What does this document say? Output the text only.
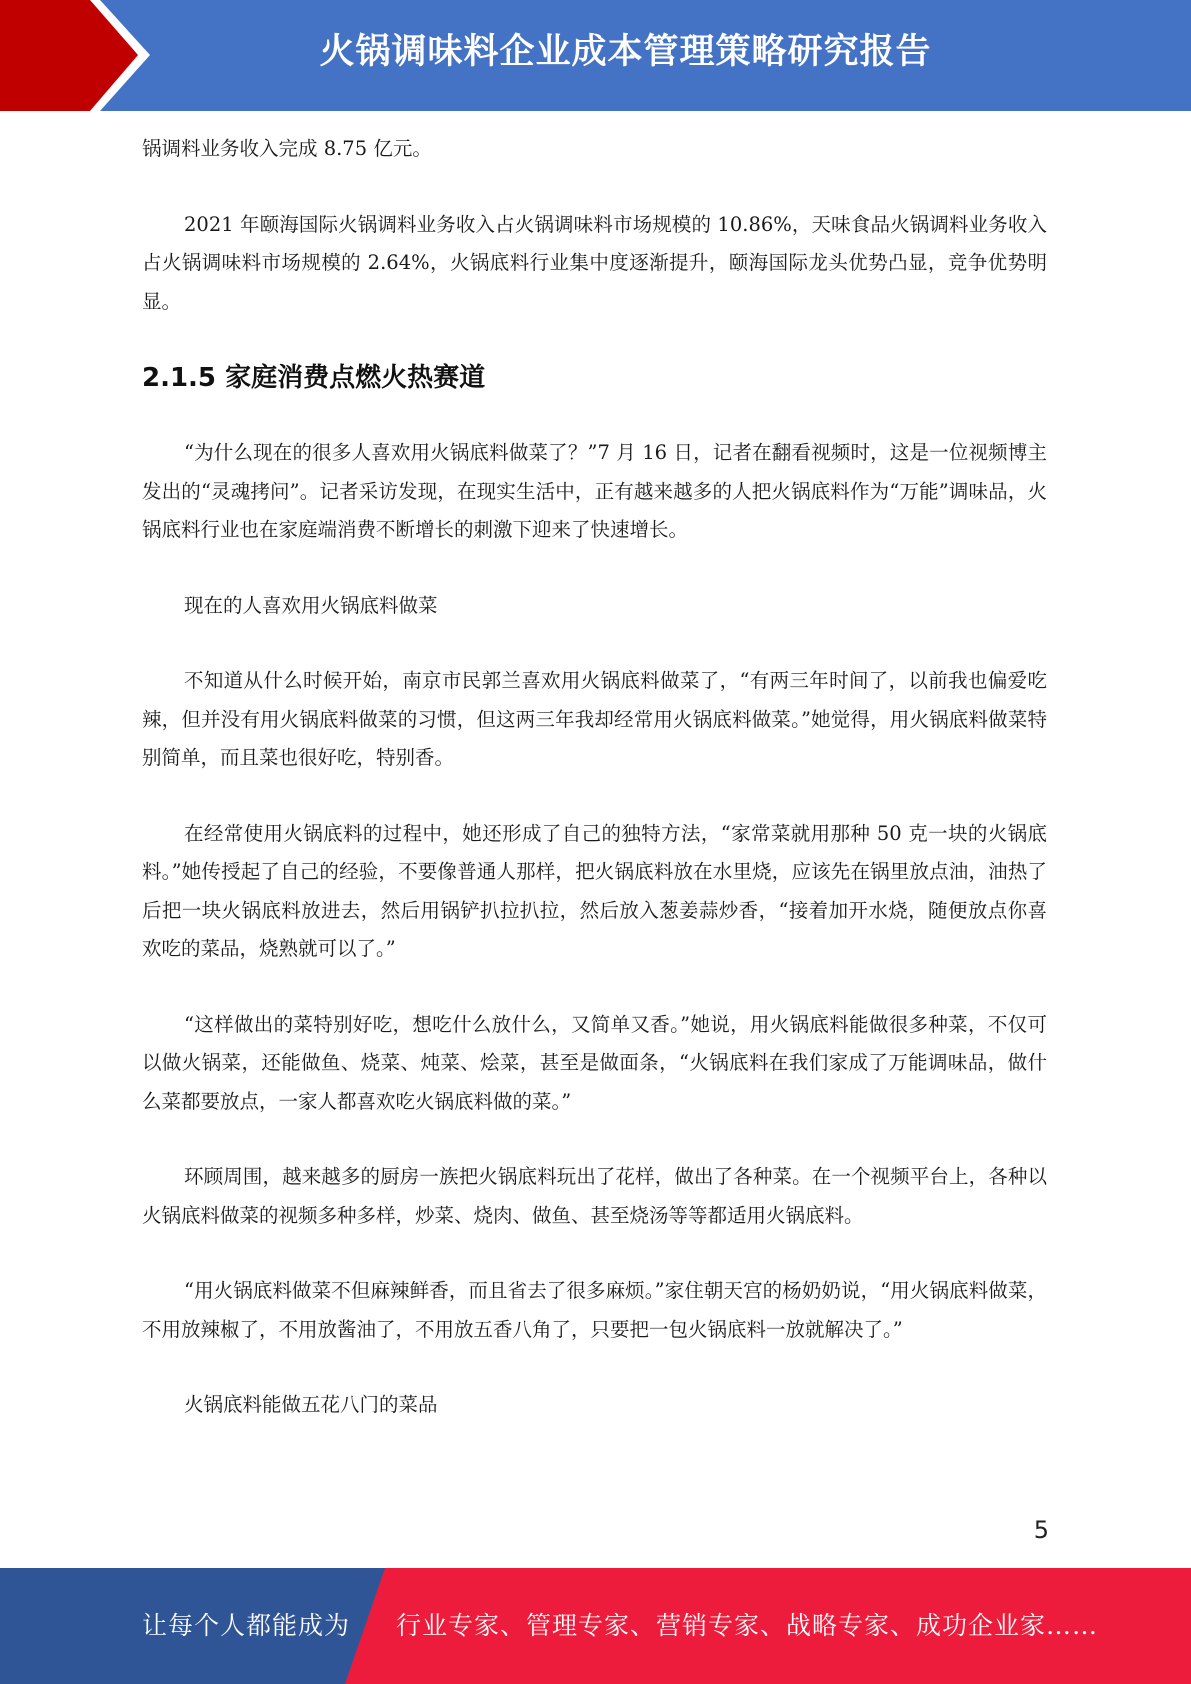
火锅调味料企业成本管理策略研究报告

锅调料业务收入完成 8.75 亿元。

2021 年颐海国际火锅调料业务收入占火锅调味料市场规模的 10.86%，天味食品火锅调料业务收入占火锅调味料市场规模的 2.64%，火锅底料行业集中度逐渐提升，颐海国际龙头优势凸显，竞争优势明显。

2.1.5 家庭消费点燃火热赛道

“为什么现在的很多人喜欢用火锅底料做菜了？”7 月 16 日，记者在翻看视频时，这是一位视频博主发出的“灵魂拷问”。记者采访发现，在现实生活中，正有越来越多的人把火锅底料作为“万能”调味品，火锅底料行业也在家庭端消费不断增长的刺激下迎来了快速增长。

现在的人喜欢用火锅底料做菜

不知道从什么时候开始，南京市民郭兰喜欢用火锅底料做菜了，“有两三年时间了，以前我也偏爱吃辣，但并没有用火锅底料做菜的习惯，但这两三年我却经常用火锅底料做菜。”她觉得，用火锅底料做菜特别简单，而且菜也很好吃，特别香。

在经常使用火锅底料的过程中，她还形成了自己的独特方法，“家常菜就用那种 50 克一块的火锅底料。”她传授起了自己的经验，不要像普通人那样，把火锅底料放在水里烧，应该先在锅里放点油，油热了后把一块火锅底料放进去，然后用锅铲扒拉扒拉，然后放入葱姜蒜炒香，“接着加开水烧，随便放点你喜欢吃的菜品，烧熟就可以了。”

“这样做出的菜特别好吃，想吃什么放什么，又简单又香。”她说，用火锅底料能做很多种菜，不仅可以做火锅菜，还能做鱼、烧菜、炖菜、烩菜，甚至是做面条，“火锅底料在我们家成了万能调味品，做什么菜都要放点，一家人都喜欢吃火锅底料做的菜。”

环顾周围，越来越多的厨房一族把火锅底料玩出了花样，做出了各种菜。在一个视频平台上，各种以火锅底料做菜的视频多种多样，炒菜、烧肉、做鱼、甚至烧汤等等都适用火锅底料。

“用火锅底料做菜不但麻辣鲜香，而且省去了很多麻烦。”家住朝天宫的杨奶奶说，“用火锅底料做菜，不用放辣椒了，不用放酱油了，不用放五香八角了，只要把一包火锅底料一放就解决了。”

火锅底料能做五花八门的菜品

5
让每个人都能成为 行业专家、管理专家、营销专家、战略专家、成功企业家……
